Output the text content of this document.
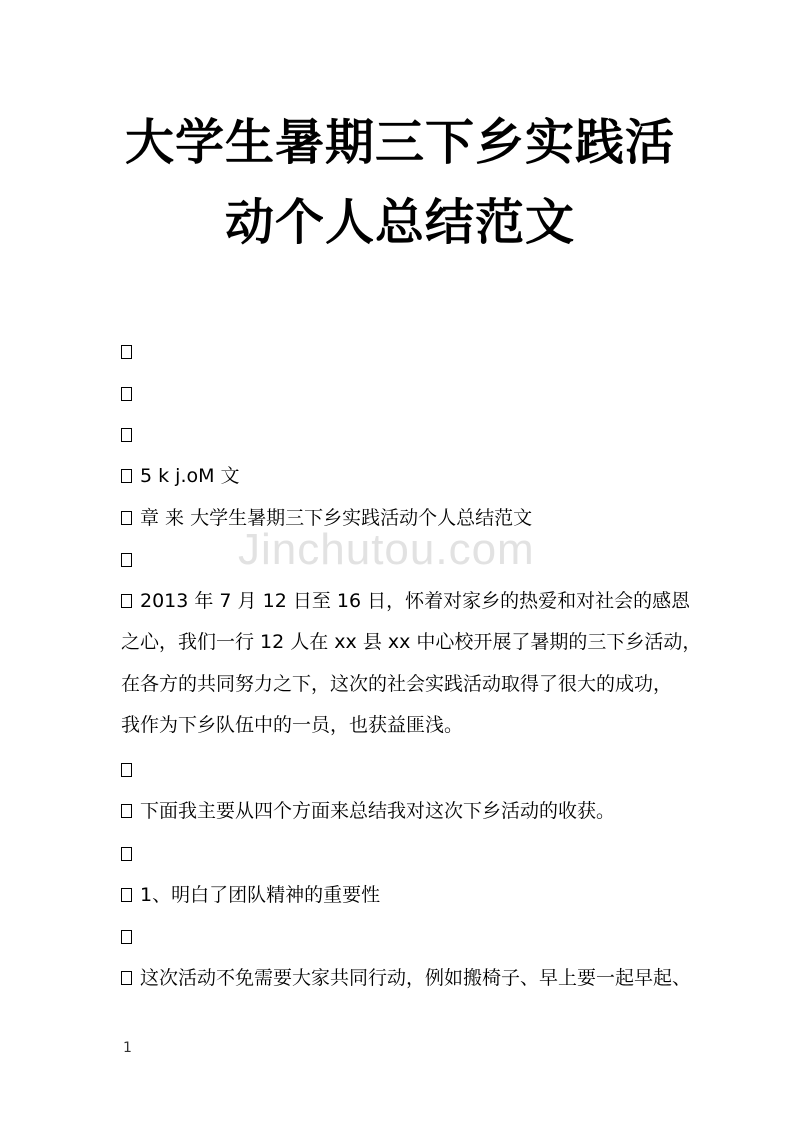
大学生暑期三下乡实践活
动个人总结范文
Jinchutou.com
5 k j.oM 文
章 来 大学生暑期三下乡实践活动个人总结范文
2013 年 7 月 12 日至 16 日，怀着对家乡的热爱和对社会的感恩
之心，我们一行 12 人在 xx 县 xx 中心校开展了暑期的三下乡活动，
在各方的共同努力之下，这次的社会实践活动取得了很大的成功，
我作为下乡队伍中的一员，也获益匪浅。
下面我主要从四个方面来总结我对这次下乡活动的收获。
1、明白了团队精神的重要性
这次活动不免需要大家共同行动，例如搬椅子、早上要一起早起、
1
